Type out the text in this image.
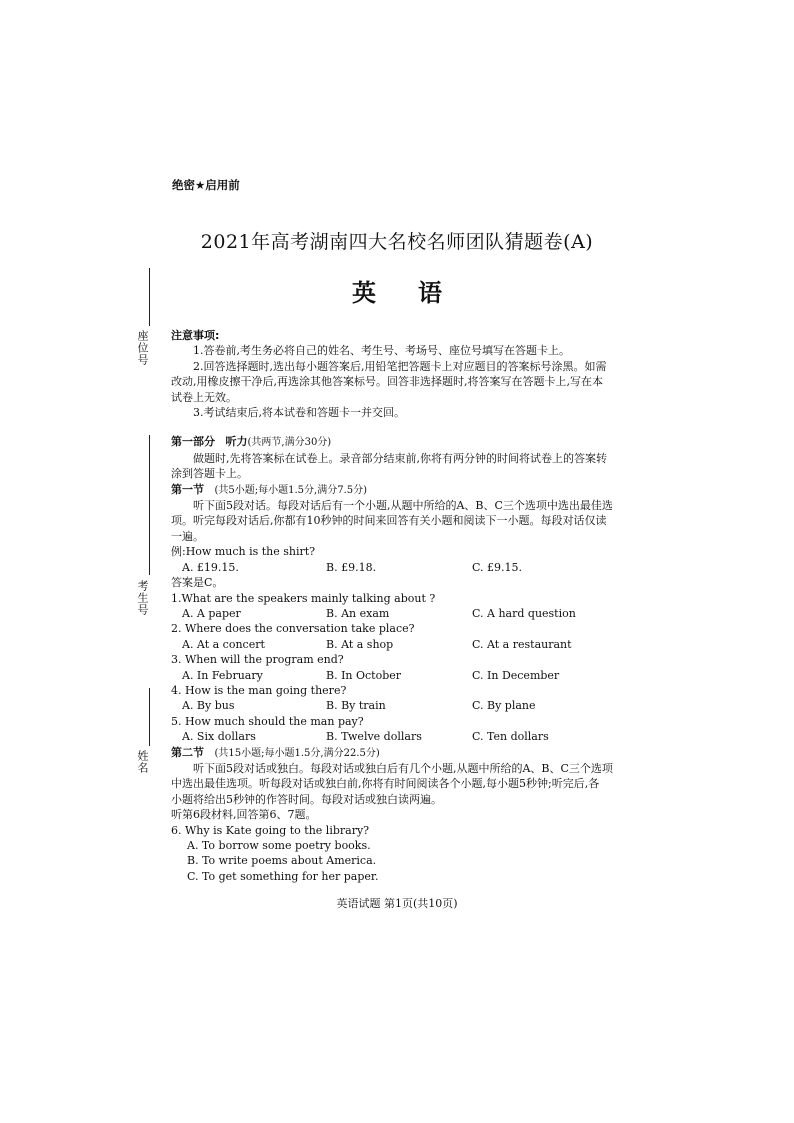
绝密★启用前
2021年高考湖南四大名校名师团队猜题卷(A)
英语
座位号
考生号
姓名

注意事项:

1.答卷前,考生务必将自己的姓名、考生号、考场号、座位号填写在答题卡上。

2.回答选择题时,选出每小题答案后,用铅笔把答题卡上对应题目的答案标号涂黑。如需

改动,用橡皮擦干净后,再选涂其他答案标号。回答非选择题时,将答案写在答题卡上,写在本

试卷上无效。

3.考试结束后,将本试卷和答题卡一并交回。

第一部分 听力(共两节,满分30分)

做题时,先将答案标在试卷上。录音部分结束前,你将有两分钟的时间将试卷上的答案转

涂到答题卡上。

第一节 (共5小题;每小题1.5分,满分7.5分)

听下面5段对话。每段对话后有一个小题,从题中所给的A、B、C三个选项中选出最佳选

项。听完每段对话后,你都有10秒钟的时间来回答有关小题和阅读下一小题。每段对话仅读

一遍。

例:How much is the shirt?

A. £19.15.	B. £9.18.	C. £9.15.

答案是C。

1.What are the speakers mainly talking about ?

A. A paper	B. An exam	C. A hard question

2. Where does the conversation take place?

A. At a concert	B. At a shop	C. At a restaurant

3. When will the program end?

A. In February	B. In October	C. In December

4. How is the man going there?

A. By bus	B. By train	C. By plane

5. How much should the man pay?

A. Six dollars	B. Twelve dollars	C. Ten dollars

第二节 (共15小题;每小题1.5分,满分22.5分)

听下面5段对话或独白。每段对话或独白后有几个小题,从题中所给的A、B、C三个选项

中选出最佳选项。听每段对话或独白前,你将有时间阅读各个小题,每小题5秒钟;听完后,各

小题将给出5秒钟的作答时间。每段对话或独白读两遍。

听第6段材料,回答第6、7题。

6. Why is Kate going to the library?

A. To borrow some poetry books.

B. To write poems about America.

C. To get something for her paper.

英语试题 第1页(共10页)
